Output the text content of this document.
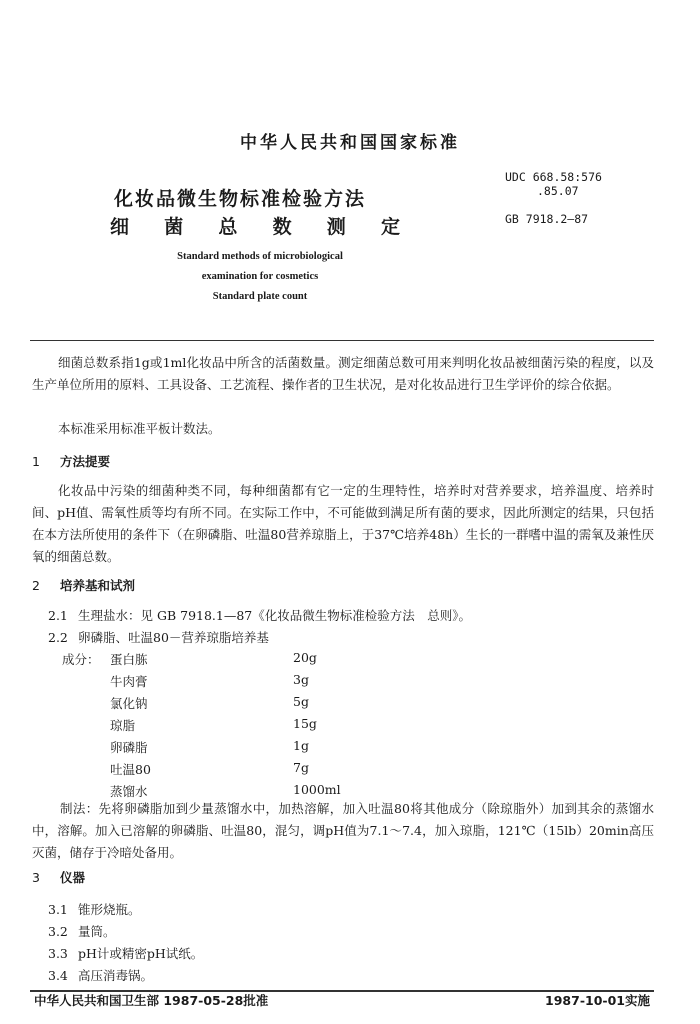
中华人民共和国国家标准
化妆品微生物标准检验方法
细 菌 总 数 测 定
UDC 668.58:576
.85.07
GB 7918.2—87
Standard methods of microbiological
examination for cosmetics
Standard plate count
细菌总数系指1g或1ml化妆品中所含的活菌数量。测定细菌总数可用来判明化妆品被细菌污染的程度，以及生产单位所用的原料、工具设备、工艺流程、操作者的卫生状况，是对化妆品进行卫生学评价的综合依据。
本标准采用标准平板计数法。
1 方法提要
化妆品中污染的细菌种类不同，每种细菌都有它一定的生理特性，培养时对营养要求，培养温度、培养时间、pH值、需氧性质等均有所不同。在实际工作中，不可能做到满足所有菌的要求，因此所测定的结果，只包括在本方法所使用的条件下（在卵磷脂、吐温80营养琼脂上，于37℃培养48h）生长的一群嗜中温的需氧及兼性厌氧的细菌总数。
2 培养基和试剂
2.1 生理盐水：见 GB 7918.1—87《化妆品微生物标准检验方法　总则》。
2.2 卵磷脂、吐温80－营养琼脂培养基
成分： 蛋白胨	20g
牛肉膏	3g
氯化钠	5g
琼脂	15g
卵磷脂	1g
吐温80	7g
蒸馏水	1000ml
制法：先将卵磷脂加到少量蒸馏水中，加热溶解，加入吐温80将其他成分（除琼脂外）加到其余的蒸馏水中，溶解。加入已溶解的卵磷脂、吐温80，混匀，调pH值为7.1～7.4，加入琼脂，121℃（15lb）20min高压灭菌，储存于冷暗处备用。
3 仪器
3.1 锥形烧瓶。
3.2 量筒。
3.3 pH计或精密pH试纸。
3.4 高压消毒锅。
中华人民共和国卫生部 1987-05-28批准	1987-10-01实施
